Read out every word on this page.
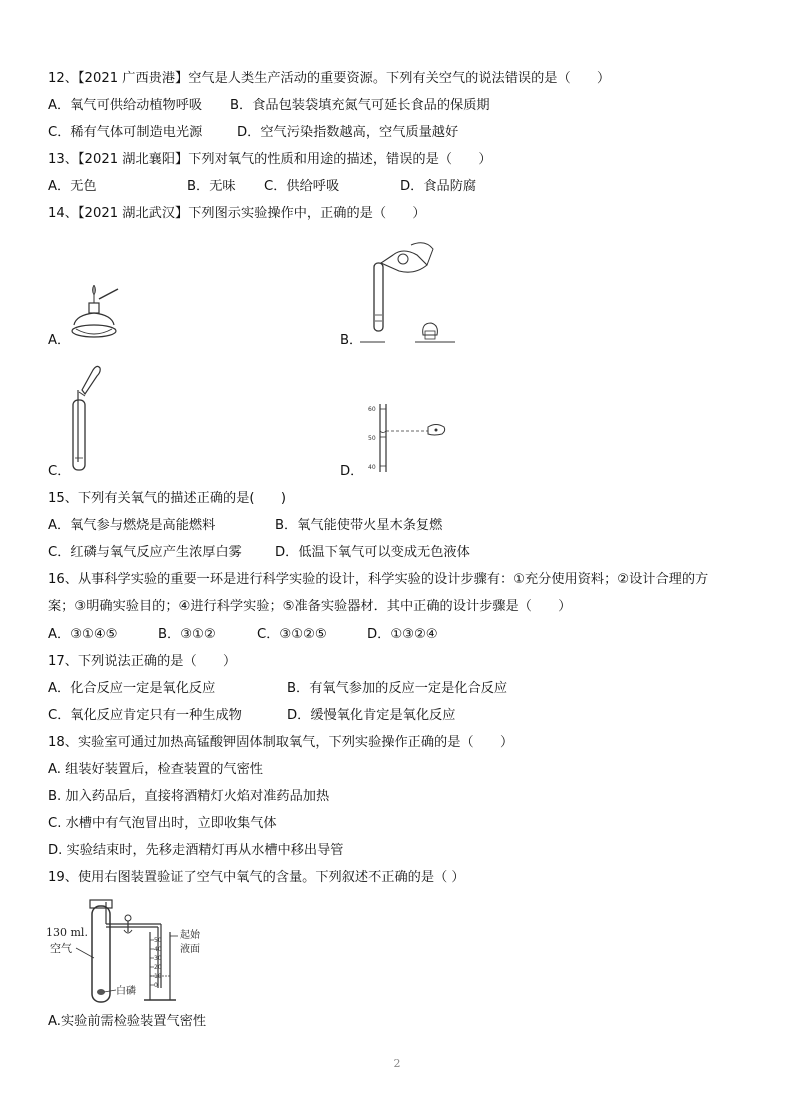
12、【2021 广西贵港】空气是人类生产活动的重要资源。下列有关空气的说法错误的是（　　）
A．氧气可供给动植物呼吸 B．食品包装袋填充氮气可延长食品的保质期
C．稀有气体可制造电光源	D．空气污染指数越高，空气质量越好
13、【2021 湖北襄阳】下列对氧气的性质和用途的描述，错误的是（　　）
A．无色	B．无味 C．供给呼吸	D．食品防腐
14、【2021 湖北武汉】下列图示实验操作中，正确的是（　　）
A．	B．
C．	D．
60
50
40
15、下列有关氧气的描述正确的是(　　)
A．氧气参与燃烧是高能燃料	B．氧气能使带火星木条复燃
C．红磷与氧气反应产生浓厚白雾	D．低温下氧气可以变成无色液体
16、从事科学实验的重要一环是进行科学实验的设计，科学实验的设计步骤有：①充分使用资料；②设计合理的方
案；③明确实验目的；④进行科学实验；⑤准备实验器材．其中正确的设计步骤是（　　）
A．③①④⑤	B．③①②	C．③①②⑤	D．①③②④
17、下列说法正确的是（　　）
A．化合反应一定是氧化反应	B．有氧气参加的反应一定是化合反应
C．氧化反应肯定只有一种生成物	D．缓慢氧化肯定是氧化反应
18、实验室可通过加热高锰酸钾固体制取氧气，下列实验操作正确的是（　　）
A. 组装好装置后，检查装置的气密性
B. 加入药品后，直接将酒精灯火焰对准药品加热
C. 水槽中有气泡冒出时，立即收集气体
D. 实验结束时，先移走酒精灯再从水槽中移出导管
19、使用右图装置验证了空气中氧气的含量。下列叙述不正确的是（ ）
50
40
30
20
10
0
130 ml.
空气
白磷
起始
液面
A.实验前需检验装置气密性
2
